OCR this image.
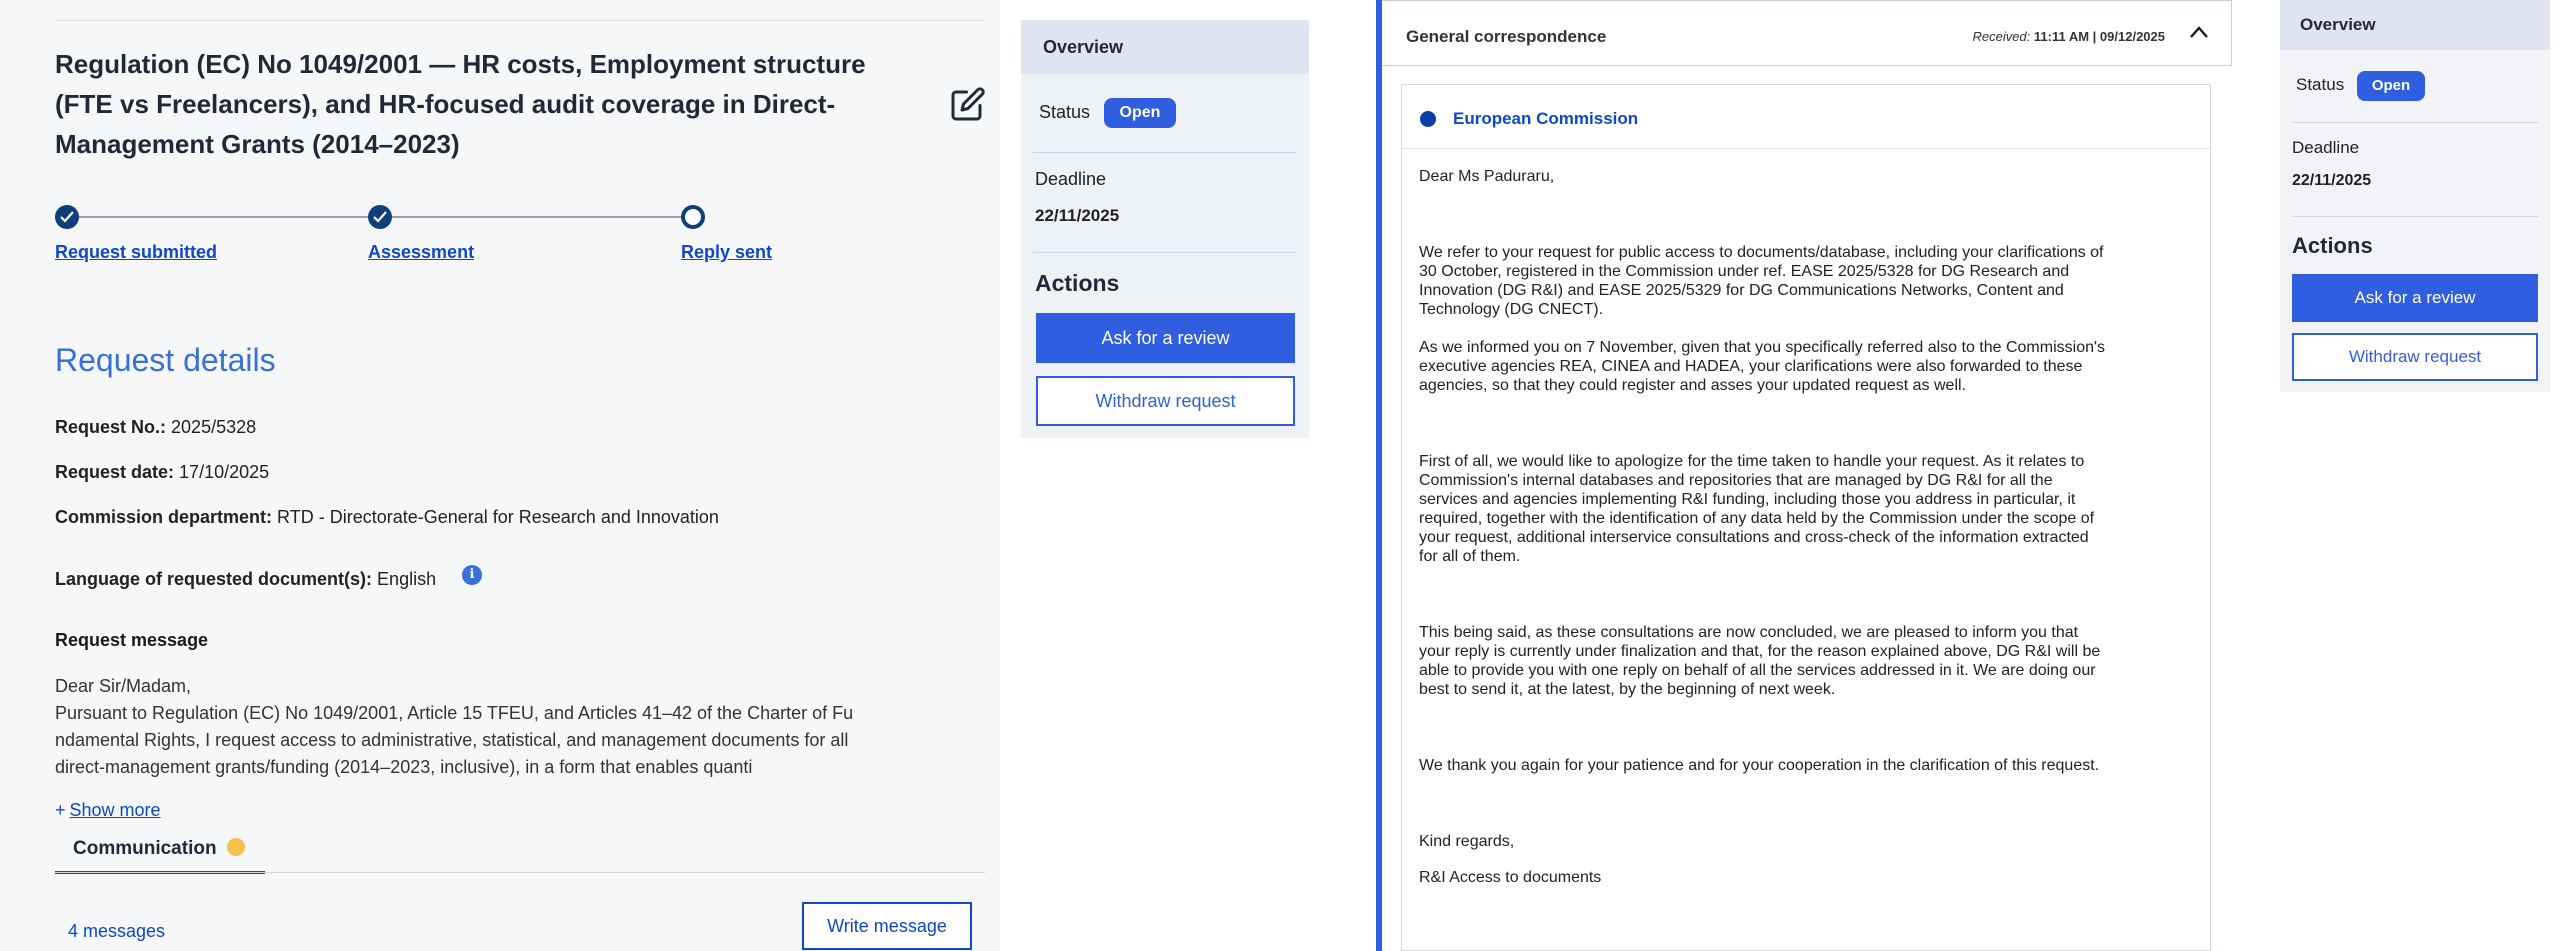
Regulation (EC) No 1049/2001 — HR costs, Employment structure (FTE vs Freelancers), and HR-focused audit coverage in Direct-Management Grants (2014–2023)
Request submitted	Assessment	Reply sent
Request details
Request No.: 2025/5328
Request date: 17/10/2025
Commission department: RTD - Directorate-General for Research and Innovation
Language of requested document(s): English	i
Request message
Dear Sir/Madam,
Pursuant to Regulation (EC) No 1049/2001, Article 15 TFEU, and Articles 41–42 of the Charter of Fu
ndamental Rights, I request access to administrative, statistical, and management documents for all
direct-management grants/funding (2014–2023, inclusive), in a form that enables quanti
+ Show more
Communication
4 messages	Write message
Overview
Status	Open
Deadline
22/11/2025
Actions
Ask for a review
Withdraw request
General correspondence	Received: 11:11 AM | 09/12/2025
European Commission

Dear Ms Paduraru,

We refer to your request for public access to documents/database, including your clarifications of 30 October, registered in the Commission under ref. EASE 2025/5328 for DG Research and Innovation (DG R&I) and EASE 2025/5329 for DG Communications Networks, Content and Technology (DG CNECT).

As we informed you on 7 November, given that you specifically referred also to the Commission's executive agencies REA, CINEA and HADEA, your clarifications were also forwarded to these agencies, so that they could register and asses your updated request as well.

First of all, we would like to apologize for the time taken to handle your request. As it relates to Commission's internal databases and repositories that are managed by DG R&I for all the services and agencies implementing R&I funding, including those you address in particular, it required, together with the identification of any data held by the Commission under the scope of your request, additional interservice consultations and cross-check of the information extracted for all of them.

This being said, as these consultations are now concluded, we are pleased to inform you that your reply is currently under finalization and that, for the reason explained above, DG R&I will be able to provide you with one reply on behalf of all the services addressed in it. We are doing our best to send it, at the latest, by the beginning of next week.

We thank you again for your patience and for your cooperation in the clarification of this request.

Kind regards,

R&I Access to documents

Overview
Status	Open
Deadline
22/11/2025
Actions
Ask for a review
Withdraw request
